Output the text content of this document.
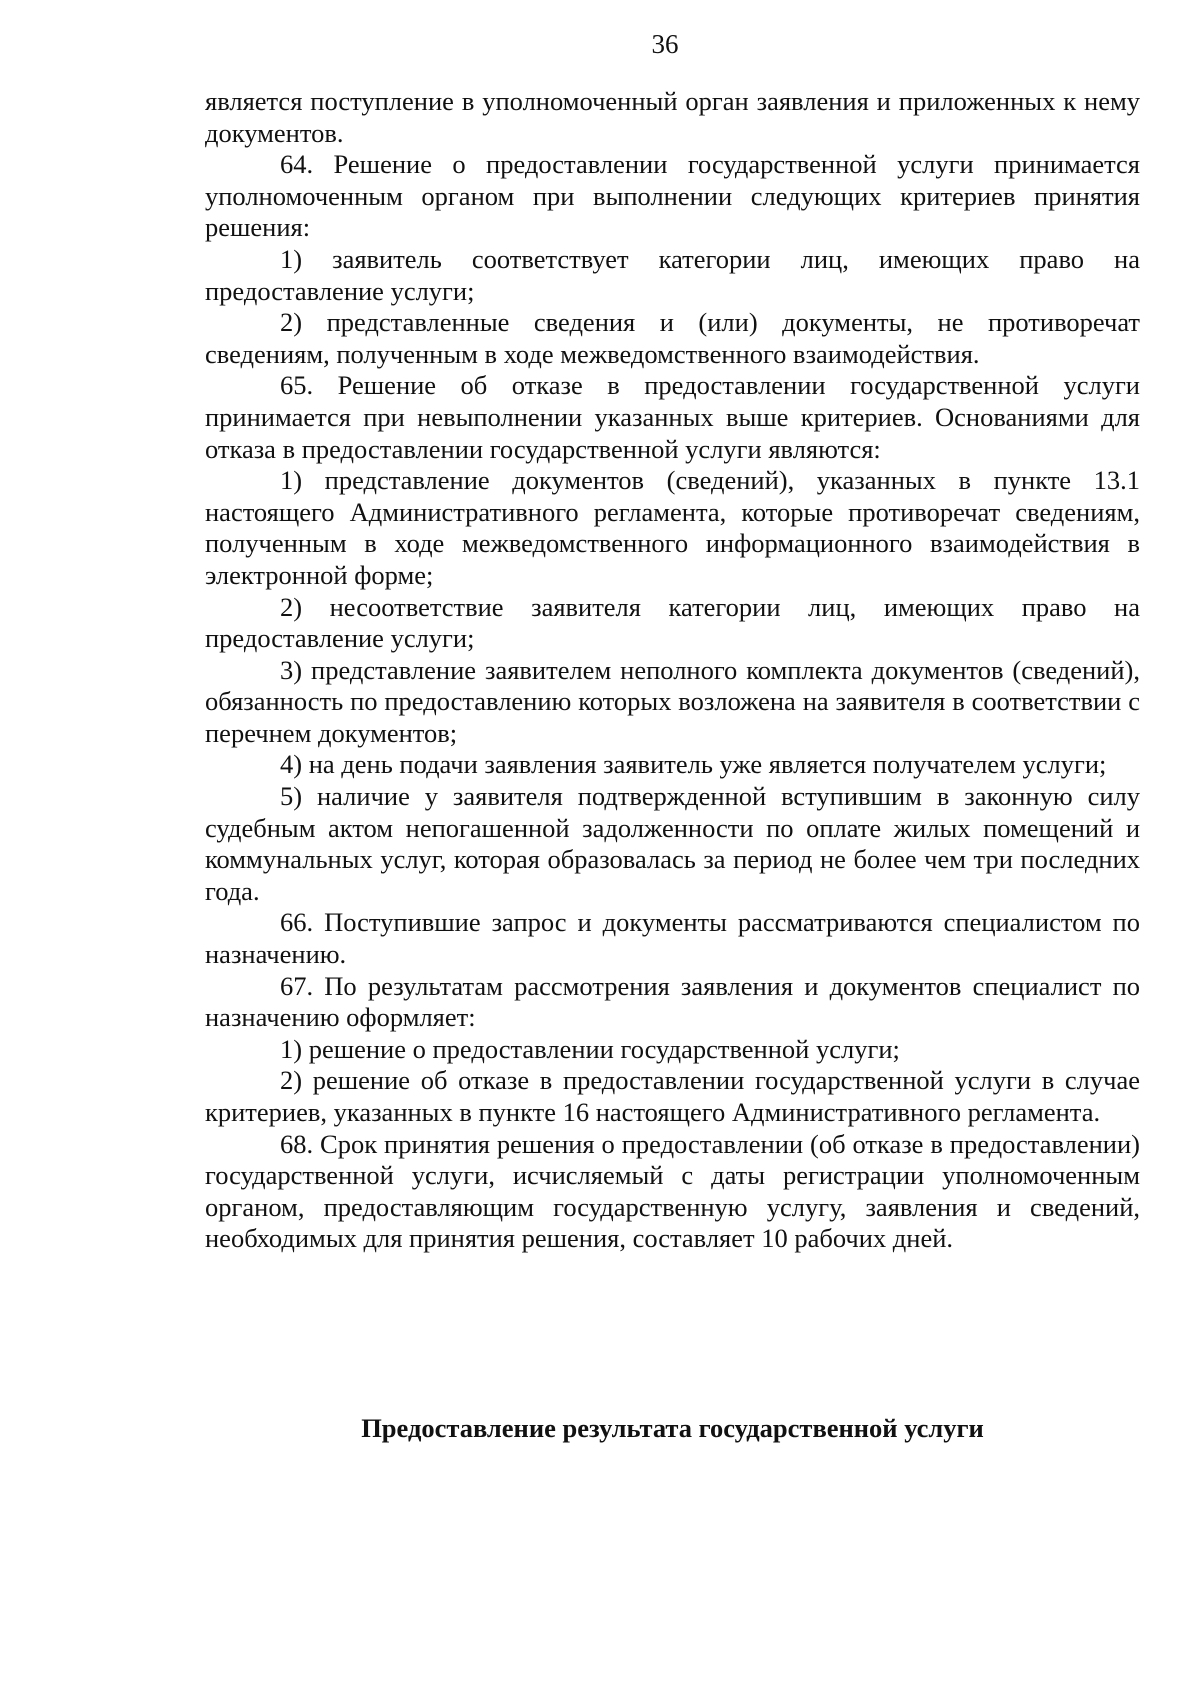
36

является поступление в уполномоченный орган заявления и приложенных к нему документов.

64. Решение о предоставлении государственной услуги принимается уполномоченным органом при выполнении следующих критериев принятия решения:

1) заявитель соответствует категории лиц, имеющих право на предоставление услуги;

2) представленные сведения и (или) документы, не противоречат сведениям, полученным в ходе межведомственного взаимодействия.

65. Решение об отказе в предоставлении государственной услуги принимается при невыполнении указанных выше критериев. Основаниями для отказа в предоставлении государственной услуги являются:

1) представление документов (сведений), указанных в пункте 13.1 настоящего Административного регламента, которые противоречат сведениям, полученным в ходе межведомственного информационного взаимодействия в электронной форме;

2) несоответствие заявителя категории лиц, имеющих право на предоставление услуги;

3) представление заявителем неполного комплекта документов (сведений), обязанность по предоставлению которых возложена на заявителя в соответствии с перечнем документов;

4) на день подачи заявления заявитель уже является получателем услуги;

5) наличие у заявителя подтвержденной вступившим в законную силу судебным актом непогашенной задолженности по оплате жилых помещений и коммунальных услуг, которая образовалась за период не более чем три последних года.

66. Поступившие запрос и документы рассматриваются специалистом по назначению.

67. По результатам рассмотрения заявления и документов специалист по назначению оформляет:

1) решение о предоставлении государственной услуги;

2) решение об отказе в предоставлении государственной услуги в случае критериев, указанных в пункте 16 настоящего Административного регламента.

68. Срок принятия решения о предоставлении (об отказе в предоставлении) государственной услуги, исчисляемый с даты регистрации уполномоченным органом, предоставляющим государственную услугу, заявления и сведений, необходимых для принятия решения, составляет 10 рабочих дней.

Предоставление результата государственной услуги
